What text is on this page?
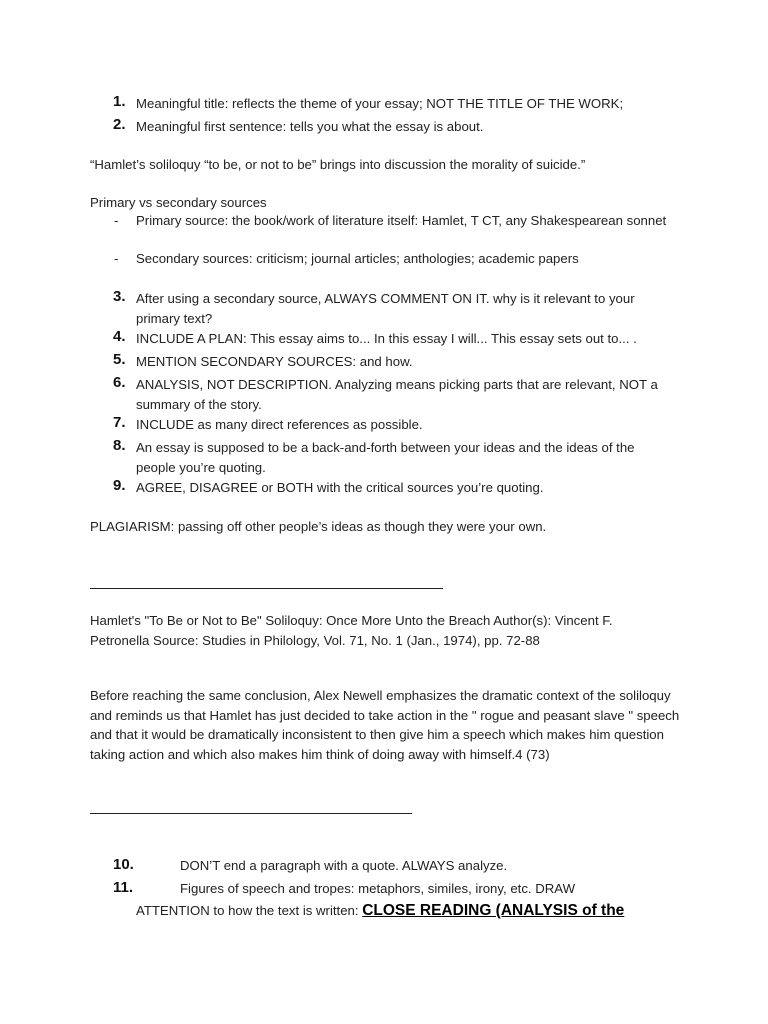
1. Meaningful title: reflects the theme of your essay; NOT THE TITLE OF THE WORK;
2. Meaningful first sentence: tells you what the essay is about.
“Hamlet’s soliloquy “to be, or not to be” brings into discussion the morality of suicide.”
Primary vs secondary sources
- Primary source: the book/work of literature itself: Hamlet, T CT, any Shakespearean sonnet
- Secondary sources: criticism; journal articles; anthologies; academic papers
3. After using a secondary source, ALWAYS COMMENT ON IT. why is it relevant to your primary text?
4. INCLUDE A PLAN: This essay aims to... In this essay I will... This essay sets out to... .
5. MENTION SECONDARY SOURCES: and how.
6. ANALYSIS, NOT DESCRIPTION. Analyzing means picking parts that are relevant, NOT a summary of the story.
7. INCLUDE as many direct references as possible.
8. An essay is supposed to be a back-and-forth between your ideas and the ideas of the people you’re quoting.
9. AGREE, DISAGREE or BOTH with the critical sources you’re quoting.
PLAGIARISM: passing off other people’s ideas as though they were your own.
Hamlet's "To Be or Not to Be" Soliloquy: Once More Unto the Breach Author(s): Vincent F. Petronella Source: Studies in Philology, Vol. 71, No. 1 (Jan., 1974), pp. 72-88
Before reaching the same conclusion, Alex Newell emphasizes the dramatic context of the soliloquy and reminds us that Hamlet has just decided to take action in the " rogue and peasant slave " speech and that it would be dramatically inconsistent to then give him a speech which makes him question taking action and which also makes him think of doing away with himself.4 (73)
10.	DON’T end a paragraph with a quote. ALWAYS analyze.
11.	Figures of speech and tropes: metaphors, similes, irony, etc. DRAW
ATTENTION to how the text is written: CLOSE READING (ANALYSIS of the
